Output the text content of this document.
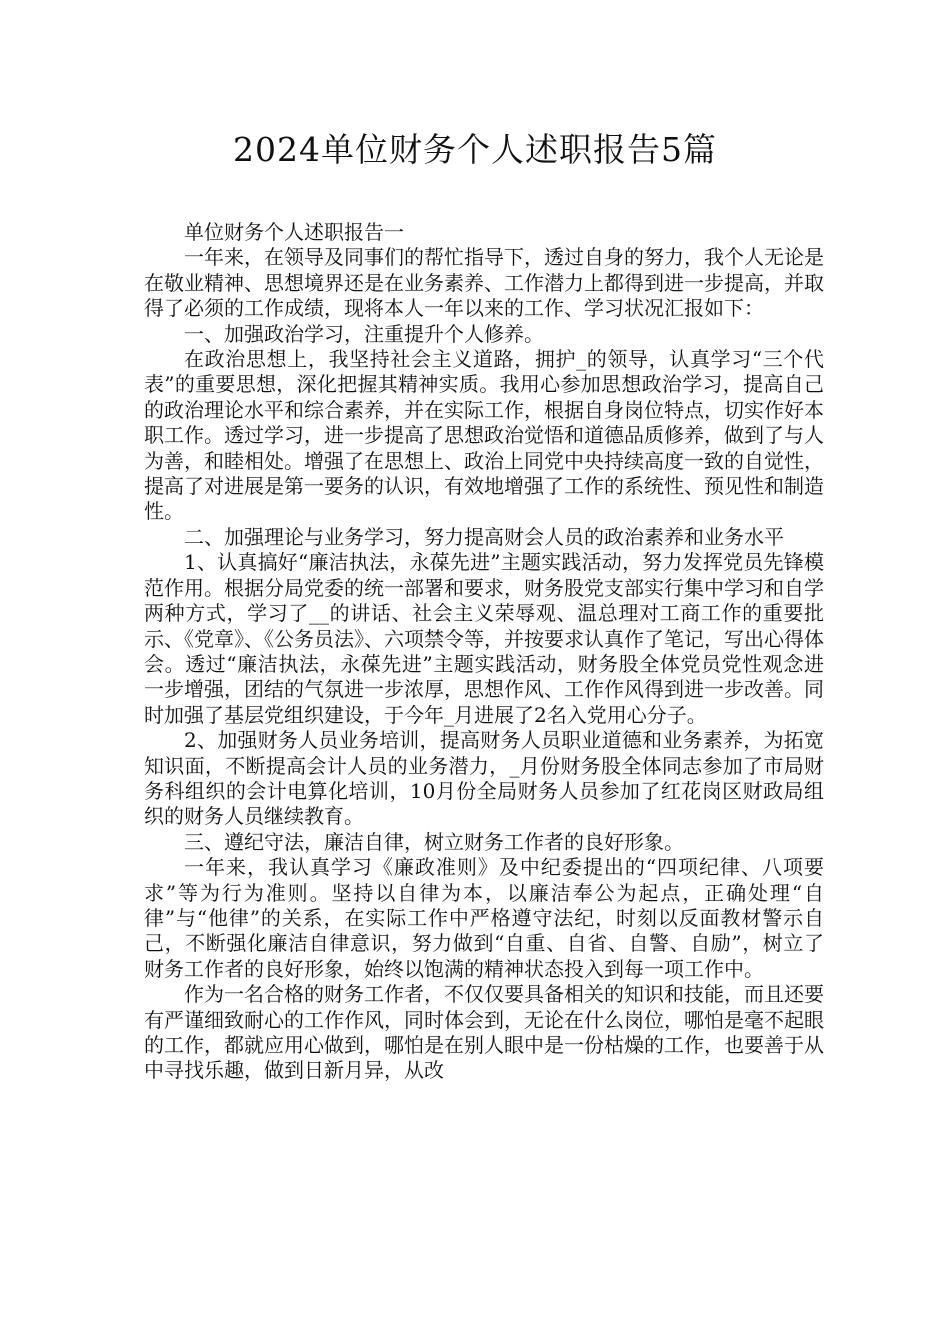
2024单位财务个人述职报告5篇

单位财务个人述职报告一

一年来，在领导及同事们的帮忙指导下，透过自身的努力，我个人无论是在敬业精神、思想境界还是在业务素养、工作潜力上都得到进一步提高，并取得了必须的工作成绩，现将本人一年以来的工作、学习状况汇报如下：

一、加强政治学习，注重提升个人修养。

在政治思想上，我坚持社会主义道路，拥护_的领导，认真学习“三个代表”的重要思想，深化把握其精神实质。我用心参加思想政治学习，提高自己的政治理论水平和综合素养，并在实际工作，根据自身岗位特点，切实作好本职工作。透过学习，进一步提高了思想政治觉悟和道德品质修养，做到了与人为善，和睦相处。增强了在思想上、政治上同党中央持续高度一致的自觉性，提高了对进展是第一要务的认识，有效地增强了工作的系统性、预见性和制造性。

二、加强理论与业务学习，努力提高财会人员的政治素养和业务水平

1、认真搞好“廉洁执法，永葆先进”主题实践活动，努力发挥党员先锋模范作用。根据分局党委的统一部署和要求，财务股党支部实行集中学习和自学两种方式，学习了__的讲话、社会主义荣辱观、温总理对工商工作的重要批示、《党章》、《公务员法》、六项禁令等，并按要求认真作了笔记，写出心得体会。透过“廉洁执法，永葆先进”主题实践活动，财务股全体党员党性观念进一步增强，团结的气氛进一步浓厚，思想作风、工作作风得到进一步改善。同时加强了基层党组织建设，于今年_月进展了2名入党用心分子。

2、加强财务人员业务培训，提高财务人员职业道德和业务素养，为拓宽知识面，不断提高会计人员的业务潜力，_月份财务股全体同志参加了市局财务科组织的会计电算化培训，10月份全局财务人员参加了红花岗区财政局组织的财务人员继续教育。

三、遵纪守法，廉洁自律，树立财务工作者的良好形象。

一年来，我认真学习《廉政准则》及中纪委提出的“四项纪律、八项要求”等为行为准则。坚持以自律为本，以廉洁奉公为起点，正确处理“自律”与“他律”的关系，在实际工作中严格遵守法纪，时刻以反面教材警示自己，不断强化廉洁自律意识，努力做到“自重、自省、自警、自励”，树立了财务工作者的良好形象，始终以饱满的精神状态投入到每一项工作中。

作为一名合格的财务工作者，不仅仅要具备相关的知识和技能，而且还要有严谨细致耐心的工作作风，同时体会到，无论在什么岗位，哪怕是毫不起眼的工作，都就应用心做到，哪怕是在别人眼中是一份枯燥的工作，也要善于从中寻找乐趣，做到日新月异，从改
